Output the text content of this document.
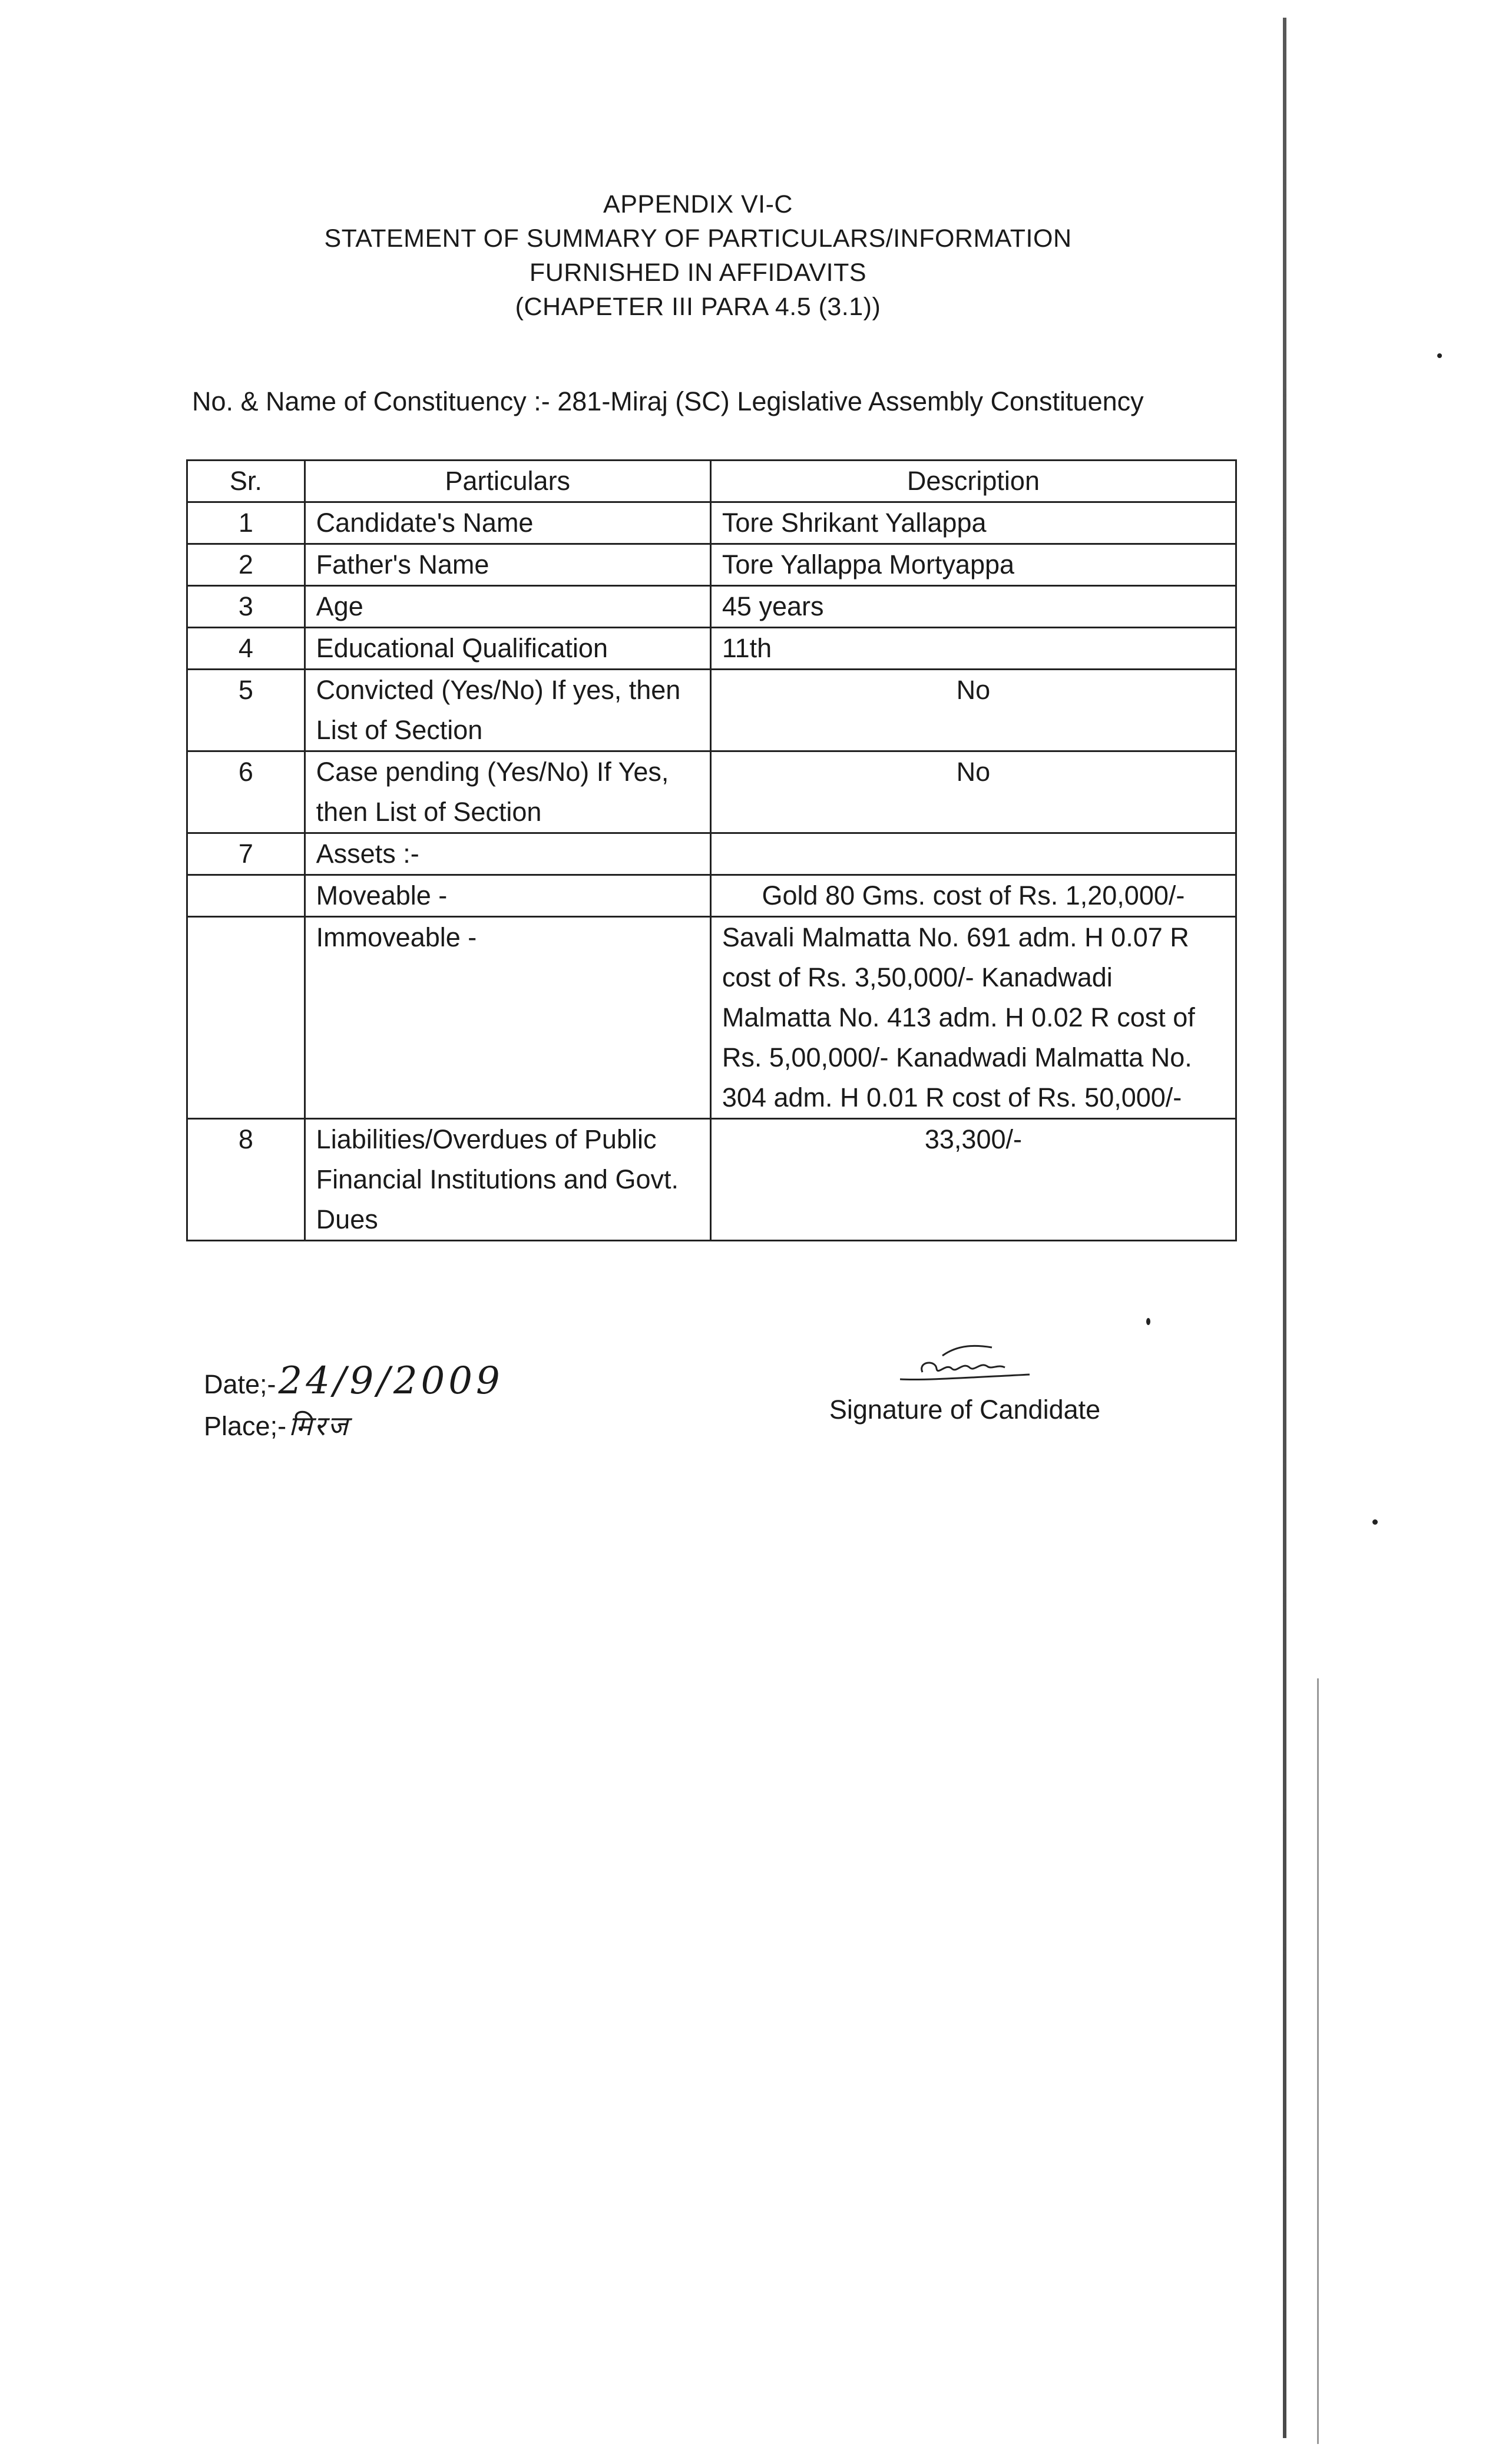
APPENDIX VI-C
STATEMENT OF SUMMARY OF PARTICULARS/INFORMATION
FURNISHED IN AFFIDAVITS
(CHAPETER III PARA 4.5 (3.1))
No. & Name of Constituency :- 281-Miraj (SC) Legislative Assembly Constituency
Sr.	Particulars	Description
1	Candidate's Name	Tore Shrikant Yallappa
2	Father's Name	Tore Yallappa Mortyappa
3	Age	45 years
4	Educational Qualification	11th
5	Convicted (Yes/No) If yes, then List of Section	No
6	Case pending (Yes/No) If Yes, then List of Section	No
7	Assets :-	
	Moveable -	Gold 80 Gms. cost of Rs. 1,20,000/-
	Immoveable -	Savali Malmatta No. 691 adm. H 0.07 R cost of Rs. 3,50,000/- Kanadwadi Malmatta No. 413 adm. H 0.02 R cost of Rs. 5,00,000/- Kanadwadi Malmatta No. 304 adm. H 0.01 R cost of Rs. 50,000/-
8	Liabilities/Overdues of Public Financial Institutions and Govt. Dues	33,300/-
Date;- 24/9/2009
Place;- मिरज
Signature of Candidate
